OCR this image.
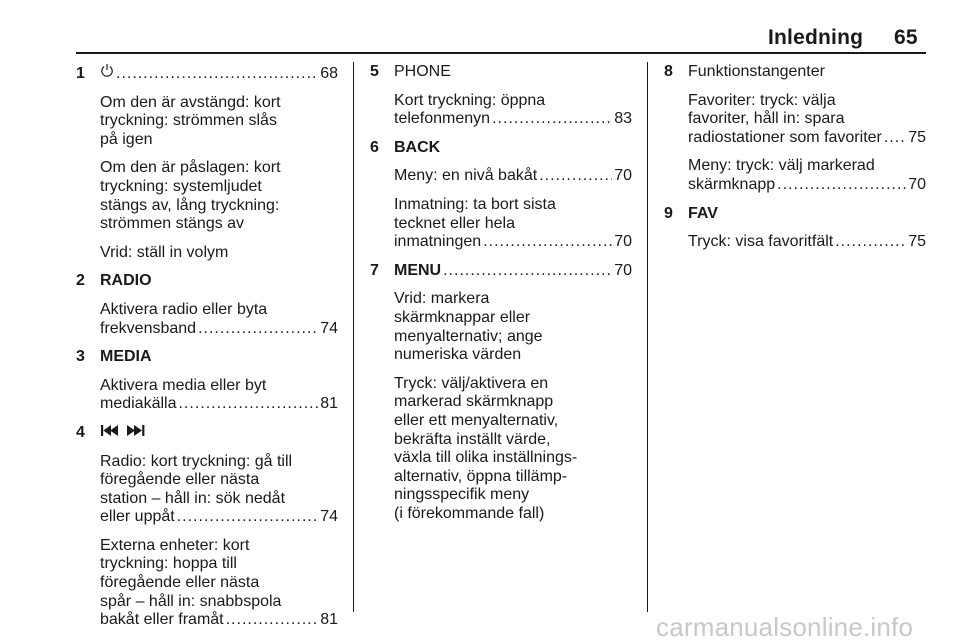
Inledning 65
1 .....	68
Om den är avstängd: kort
tryckning: strömmen slås
på igen
Om den är påslagen: kort
tryckning: systemljudet
stängs av, lång tryckning:
strömmen stängs av
Vrid: ställ in volym
2 RADIO
Aktivera radio eller byta
frekvensband .....	74
3 MEDIA
Aktivera media eller byt
mediakälla .....	81
4
Radio: kort tryckning: gå till
föregående eller nästa
station – håll in: sök nedåt
eller uppåt .....	74
Externa enheter: kort
tryckning: hoppa till
föregående eller nästa
spår – håll in: snabbspola
bakåt eller framåt .....	81
5 PHONE
Kort tryckning: öppna
telefonmenyn .....	83
6 BACK
Meny: en nivå bakåt .....	70
Inmatning: ta bort sista
tecknet eller hela
inmatningen .....	70
7 MENU .....	70
Vrid: markera
skärmknappar eller
menyalternativ; ange
numeriska värden
Tryck: välj/aktivera en
markerad skärmknapp
eller ett menyalternativ,
bekräfta inställt värde,
växla till olika inställnings-
alternativ, öppna tillämp-
ningsspecifik meny
(i förekommande fall)
8 Funktionstangenter
Favoriter: tryck: välja
favoriter, håll in: spara
radiostationer som favoriter ..... 75
Meny: tryck: välj markerad
skärmknapp .....	70
9 FAV
Tryck: visa favoritfält .....	75
carmanualsonline.info
